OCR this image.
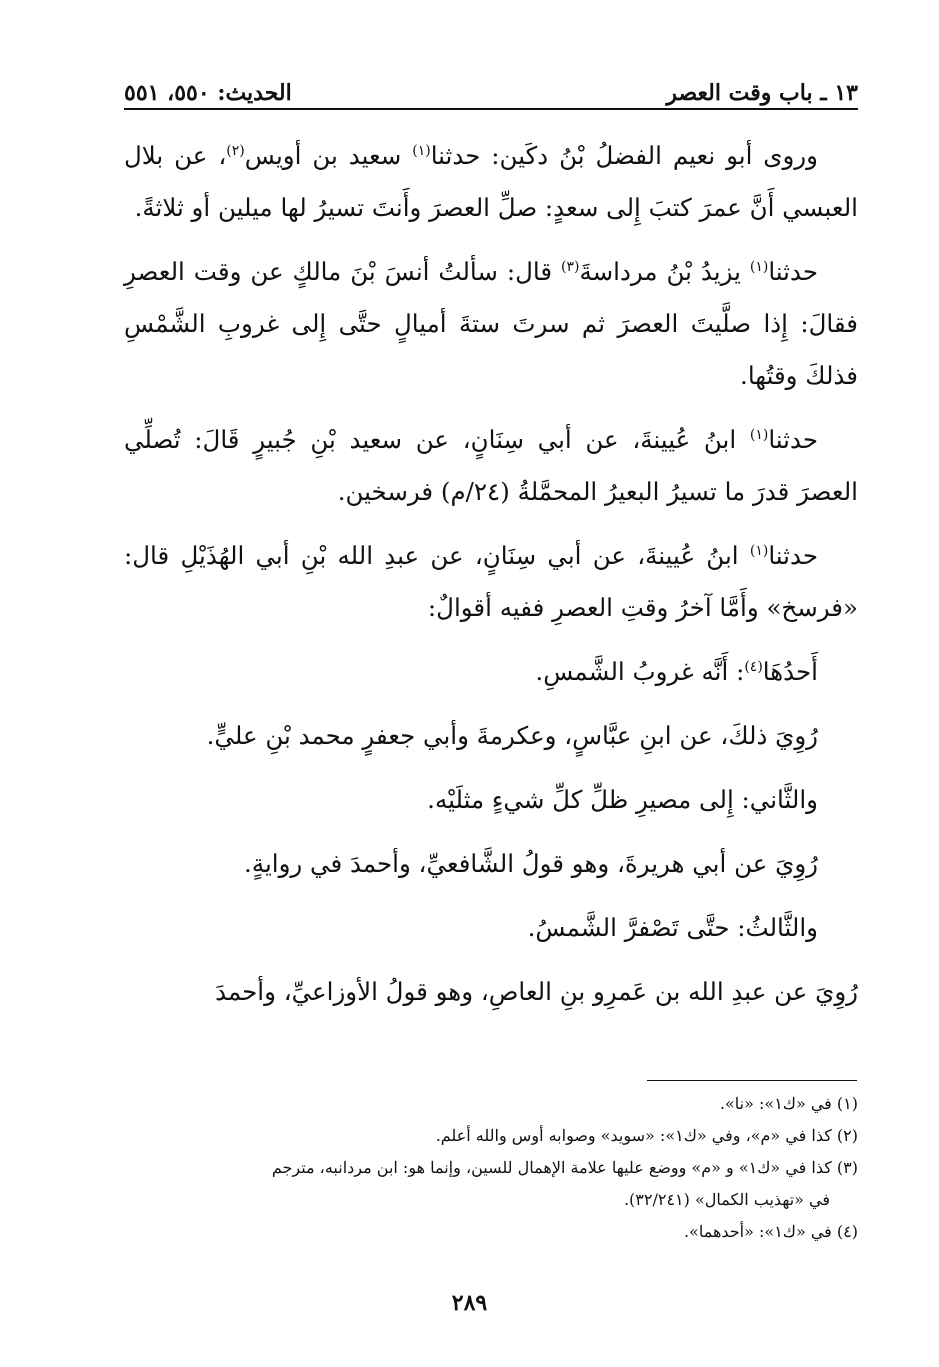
١٣ ـ باب وقت العصر
الحديث: ٥٥٠، ٥٥١

وروى أبو نعيم الفضلُ بْنُ دكَين: حدثنا$^{(١)}$ سعيد بن أويس$^{(٢)}$، عن بلال العبسي أَنَّ عمرَ كتبَ إِلى سعدٍ: صلِّ العصرَ وأَنتَ تسيرُ لها ميلين أو ثلاثةً.

حدثنا$^{(١)}$ يزيدُ بْنُ مرداسةَ$^{(٣)}$ قال: سألتُ أنسَ بْنَ مالكٍ عن وقت العصرِ فقالَ: إِذا صلَّيتَ العصرَ ثم سرتَ ستةَ أميالٍ حتَّى إِلى غروبِ الشَّمْسِ فذلكَ وقتُها.

حدثنا$^{(١)}$ ابنُ عُيينةَ، عن أبي سِنَانٍ، عن سعيد بْنِ جُبيرٍ قَالَ: تُصلِّي العصرَ قدرَ ما تسيرُ البعيرُ المحمَّلةُ (٢٤/م) فرسخين.

حدثنا$^{(١)}$ ابنُ عُيينةَ، عن أبي سِنَانٍ، عن عبدِ الله بْنِ أبي الهُذَيْلِ قال: «فرسخ» وأَمَّا آخرُ وقتِ العصرِ ففيه أقوالٌ:

أَحدُهَا$^{(٤)}$: أَنَّه غروبُ الشَّمسِ.

رُوِيَ ذلكَ، عن ابنِ عبَّاسٍ، وعكرمةَ وأبي جعفرٍ محمد بْنِ عليٍّ.

والثَّاني: إِلى مصيرِ ظلِّ كلِّ شيءٍ مثلَيْه.

رُوِيَ عن أبي هريرةَ، وهو قولُ الشَّافعيِّ، وأحمدَ في روايةٍ.

والثَّالثُ: حتَّى تَصْفرَّ الشَّمسُ.

رُوِيَ عن عبدِ الله بن عَمرِو بنِ العاصِ، وهو قولُ الأوزاعيِّ، وأحمدَ

(١) في «ك١»: «نا».

(٢) كذا في «م»، وفي «ك١»: «سويد» وصوابه أوس والله أعلم.

(٣) كذا في «ك١» و «م» ووضع عليها علامة الإهمال للسين، وإنما هو: ابن مردانبه، مترجم

في «تهذيب الكمال» (٣٢/٢٤١).

(٤) في «ك١»: «أحدهما».

٢٨٩
